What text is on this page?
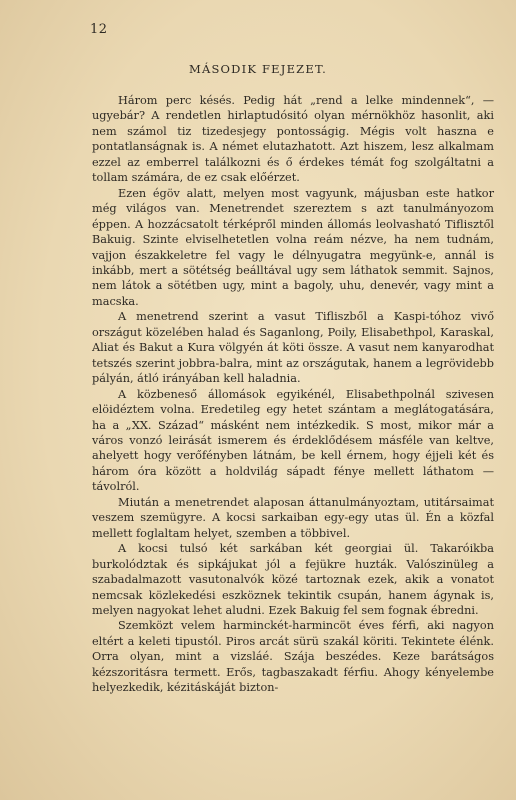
12
MÁSODIK FEJEZET.

Három perc késés. Pedig hát „rend a lelke mindennek“, — ugyebár? A rendetlen hirlaptudósitó olyan mérnökhöz hasonlit, aki nem számol tiz tizedesjegy pontosságig. Mégis volt haszna e pontatlanságnak is. A német elutazhatott. Azt hiszem, lesz alkalmam ezzel az emberrel találkozni és ő érdekes témát fog szolgáltatni a tollam számára, de ez csak előérzet.

Ezen égöv alatt, melyen most vagyunk, májusban este hatkor még világos van. Menetrendet szereztem s azt tanulmányozom éppen. A hozzácsatolt térképről minden állomás leolvasható Tiflisztől Bakuig. Szinte elviselhetetlen volna reám nézve, ha nem tudnám, vajjon északkeletre fel vagy le délnyugatra megyünk-e, annál is inkább, mert a sötétség beálltával ugy sem láthatok semmit. Sajnos, nem látok a sötétben ugy, mint a bagoly, uhu, denevér, vagy mint a macska.

A menetrend szerint a vasut Tifliszből a Kaspi-tóhoz vivő országut közelében halad és Saganlong, Poily, Elisabethpol, Karaskal, Aliat és Bakut a Kura völgyén át köti össze. A vasut nem kanyarodhat tetszés szerint jobbra-balra, mint az országutak, hanem a legrövidebb pályán, átló irányában kell haladnia.

A közbeneső állomások egyikénél, Elisabethpolnál szivesen elöidéztem volna. Eredetileg egy hetet szántam a meglátogatására, ha a „XX. Század“ másként nem intézkedik. S most, mikor már a város vonzó leirását ismerem és érdeklődésem másféle van keltve, ahelyett hogy verőfényben látnám, be kell érnem, hogy éjjeli két és három óra között a holdvilág sápadt fénye mellett láthatom — távolról.

Miután a menetrendet alaposan áttanulmányoztam, utitársaimat veszem szemügyre. A kocsi sarkaiban egy-egy utas ül. Én a közfal mellett foglaltam helyet, szemben a többivel.

A kocsi tulsó két sarkában két georgiai ül. Takaróikba burkolództak és sipkájukat jól a fejükre huzták. Valószinüleg a szabadalmazott vasutonalvók közé tartoznak ezek, akik a vonatot nemcsak közlekedési eszköznek tekintik csupán, hanem ágynak is, melyen nagyokat lehet aludni. Ezek Bakuig fel sem fognak ébredni.

Szemközt velem harminckét-harmincöt éves férfi, aki nagyon eltért a keleti tipustól. Piros arcát sürü szakál köriti. Tekintete élénk. Orra olyan, mint a vizsláé. Szája beszédes. Keze barátságos kézszoritásra termett. Erős, tagbaszakadt férfiu. Ahogy kényelembe helyezkedik, kézitáskáját bizton-
